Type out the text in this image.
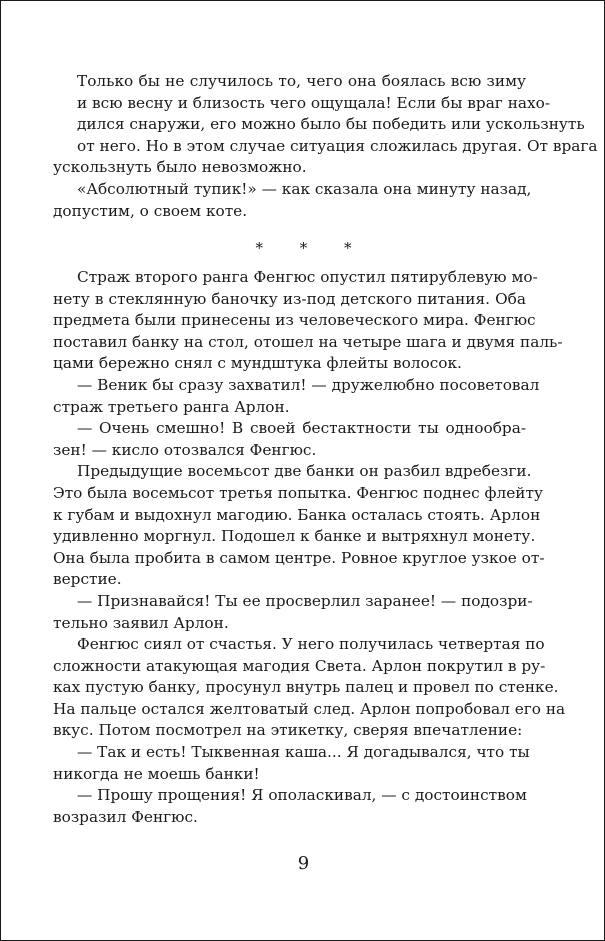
Только бы не случилось то, чего она боялась всю зиму
и всю весну и близость чего ощущала! Если бы враг нахо-
дился снаружи, его можно было бы победить или ускользнуть
от него. Но в этом случае ситуация сложилась другая. От врага
ускользнуть было невозможно.
«Абсолютный тупик!» — как сказала она минуту назад,
допустим, о своем коте.
* * *
Страж второго ранга Фенгюс опустил пятирублевую мо-
нету в стеклянную баночку из-под детского питания. Оба
предмета были принесены из человеческого мира. Фенгюс
поставил банку на стол, отошел на четыре шага и двумя паль-
цами бережно снял с мундштука флейты волосок.
— Веник бы сразу захватил! — дружелюбно посоветовал
страж третьего ранга Арлон.
— Очень смешно! В своей бестактности ты однообра-
зен! — кисло отозвался Фенгюс.
Предыдущие восемьсот две банки он разбил вдребезги.
Это была восемьсот третья попытка. Фенгюс поднес флейту
к губам и выдохнул магодию. Банка осталась стоять. Арлон
удивленно моргнул. Подошел к банке и вытряхнул монету.
Она была пробита в самом центре. Ровное круглое узкое от-
верстие.
— Признавайся! Ты ее просверлил заранее! — подозри-
тельно заявил Арлон.
Фенгюс сиял от счастья. У него получилась четвертая по
сложности атакующая магодия Света. Арлон покрутил в ру-
ках пустую банку, просунул внутрь палец и провел по стенке.
На пальце остался желтоватый след. Арлон попробовал его на
вкус. Потом посмотрел на этикетку, сверяя впечатление:
— Так и есть! Тыквенная каша... Я догадывался, что ты
никогда не моешь банки!
— Прошу прощения! Я ополаскивал, — с достоинством
возразил Фенгюс.
9
